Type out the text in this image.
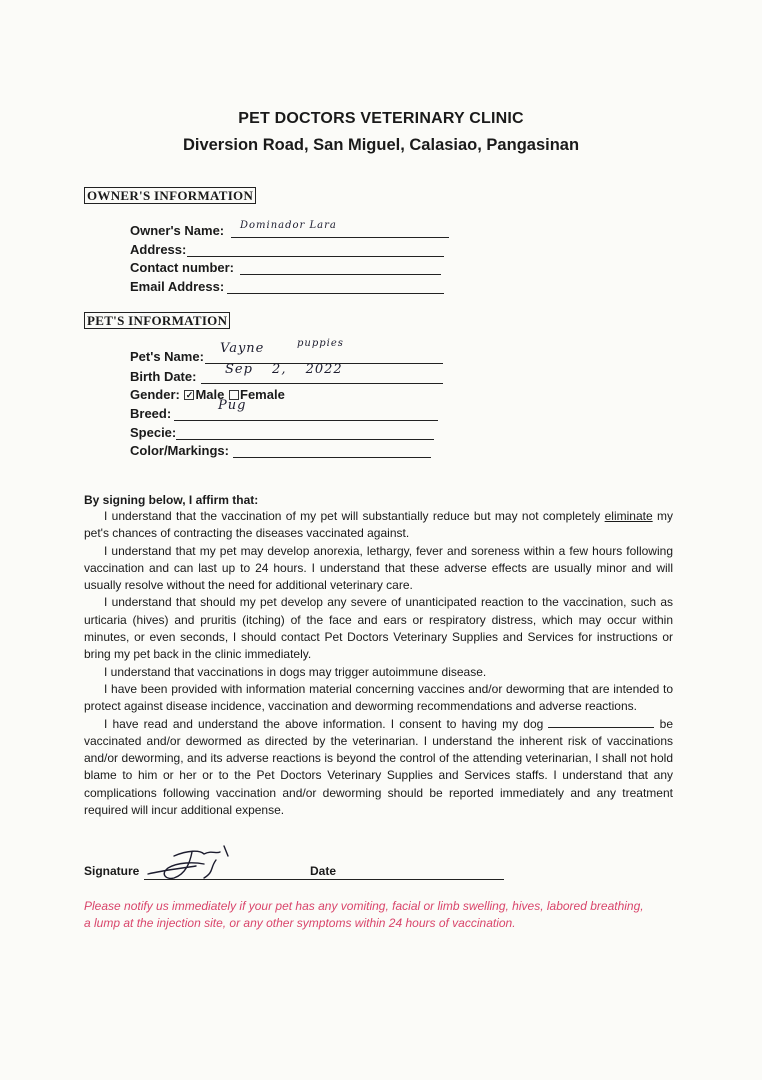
PET DOCTORS VETERINARY CLINIC
Diversion Road, San Miguel, Calasiao, Pangasinan
OWNER'S INFORMATION
Owner's Name: Dominador Lara
Address:
Contact number:
Email Address:
PET'S INFORMATION
Pet's Name:
Vayne	puppies
Birth Date: Sep 2, 2022
Gender: ✓ Male Female
Breed:
Pug
Specie:
Color/Markings:
By signing below, I affirm that:

I understand that the vaccination of my pet will substantially reduce but may not completely eliminate my pet's chances of contracting the diseases vaccinated against.

I understand that my pet may develop anorexia, lethargy, fever and soreness within a few hours following vaccination and can last up to 24 hours. I understand that these adverse effects are usually minor and will usually resolve without the need for additional veterinary care.

I understand that should my pet develop any severe of unanticipated reaction to the vaccination, such as urticaria (hives) and pruritis (itching) of the face and ears or respiratory distress, which may occur within minutes, or even seconds, I should contact Pet Doctors Veterinary Supplies and Services for instructions or bring my pet back in the clinic immediately.

I understand that vaccinations in dogs may trigger autoimmune disease.

I have been provided with information material concerning vaccines and/or deworming that are intended to protect against disease incidence, vaccination and deworming recommendations and adverse reactions.

I have read and understand the above information. I consent to having my dog	be vaccinated and/or dewormed as directed by the veterinarian. I understand the inherent risk of vaccinations and/or deworming, and its adverse reactions is beyond the control of the attending veterinarian, I shall not hold blame to him or her or to the Pet Doctors Veterinary Supplies and Services staffs. I understand that any complications following vaccination and/or deworming should be reported immediately and any treatment required will incur additional expense.

Signature	Date
Please notify us immediately if your pet has any vomiting, facial or limb swelling, hives, labored breathing, a lump at the injection site, or any other symptoms within 24 hours of vaccination.
